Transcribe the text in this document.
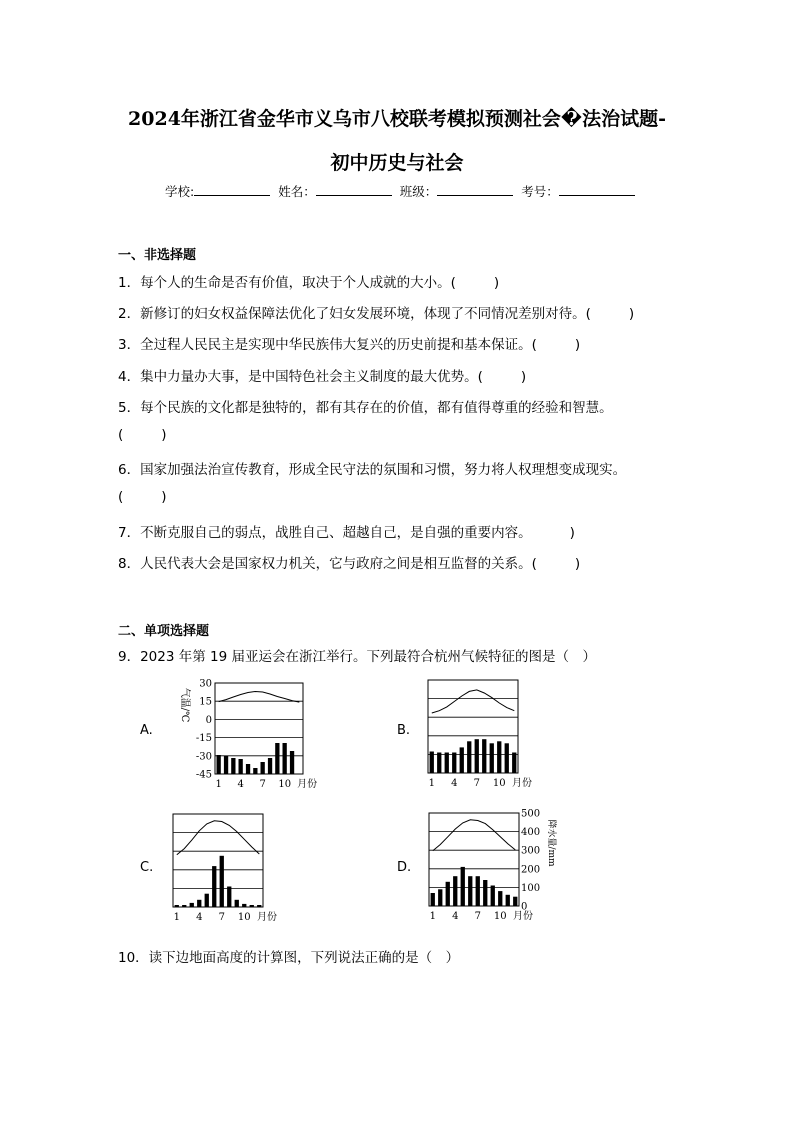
2024年浙江省金华市义乌市八校联考模拟预测社会�法治试题-
初中历史与社会
学校:	姓名：	班级：	考号：
一、非选择题
1．每个人的生命是否有价值，取决于个人成就的大小。(	)
2．新修订的妇女权益保障法优化了妇女发展环境，体现了不同情况差别对待。(	)
3．全过程人民民主是实现中华民族伟大复兴的历史前提和基本保证。(	)
4．集中力量办大事，是中国特色社会主义制度的最大优势。(	)
5．每个民族的文化都是独特的，都有其存在的价值，都有值得尊重的经验和智慧。
(	)
6．国家加强法治宣传教育，形成全民守法的氛围和习惯，努力将人权理想变成现实。
(	)
7．不断克服自己的弱点，战胜自己、超越自己，是自强的重要内容。	)
8．人民代表大会是国家权力机关，它与政府之间是相互监督的关系。(	)
二、单项选择题
9．2023 年第 19 届亚运会在浙江举行。下列最符合杭州气候特征的图是（　）
A.	B.
C.	D.
1 4 7 10 月份
30
15
0
-15
-30
-45
气温/℃
1 4 7 10 月份
1 4 7 10 月份	1 4 7 10 月份
500
400
300
200
100
0
降水量/mm
10．读下边地面高度的计算图，下列说法正确的是（　）
